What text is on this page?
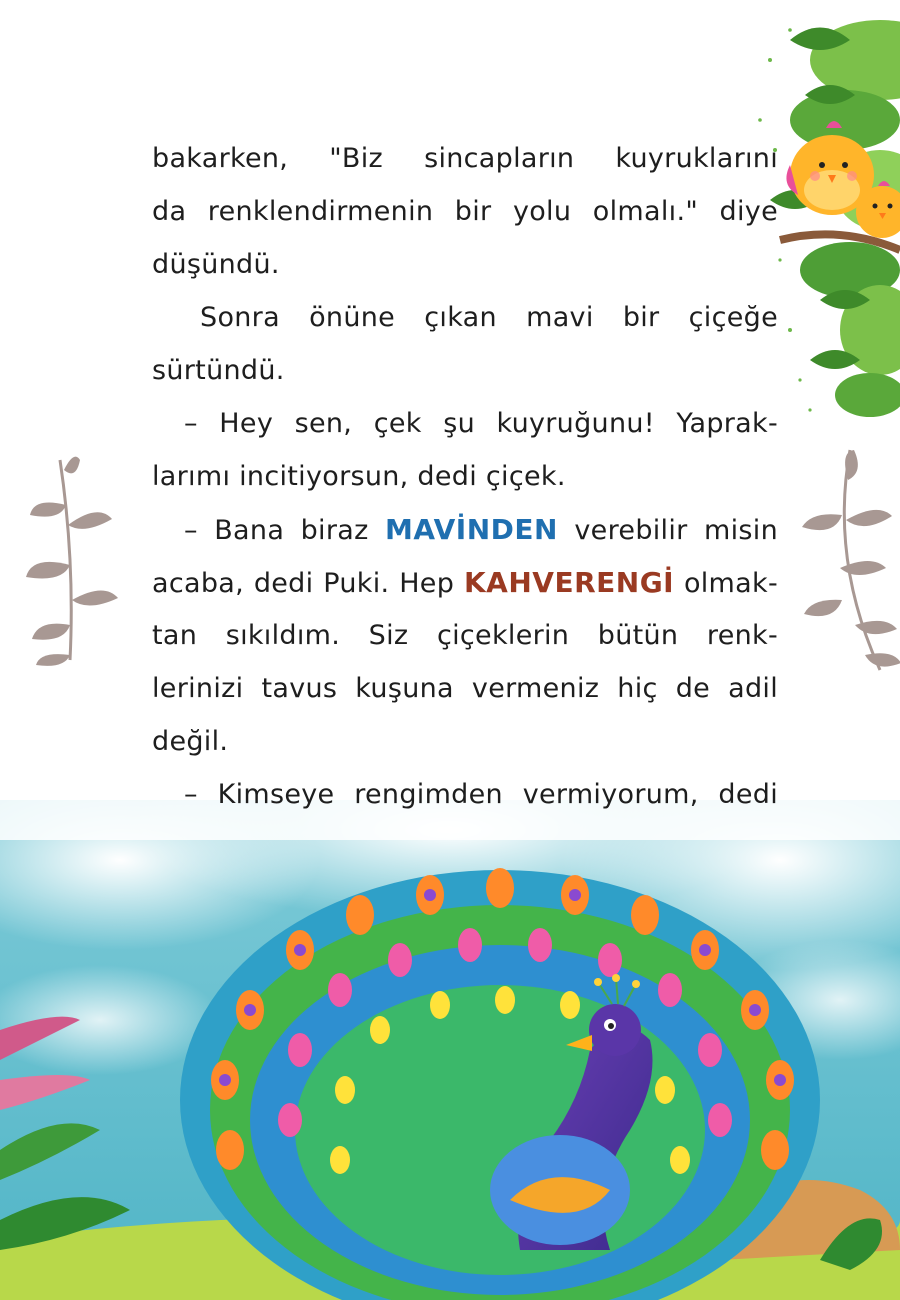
bakarken, "Biz sincapların kuyruklarını
da renklendirmenin bir yolu olmalı." diye
düşündü.
Sonra önüne çıkan mavi bir çiçeğe
sürtündü.
– Hey sen, çek şu kuyruğunu! Yaprak-
larımı incitiyorsun, dedi çiçek.
– Bana biraz MAVİNDEN verebilir misin
acaba, dedi Puki. Hep KAHVERENGİ olmak-
tan sıkıldım. Siz çiçeklerin bütün renk-
lerinizi tavus kuşuna vermeniz hiç de adil
değil.
– Kimseye rengimden vermiyorum, dedi
